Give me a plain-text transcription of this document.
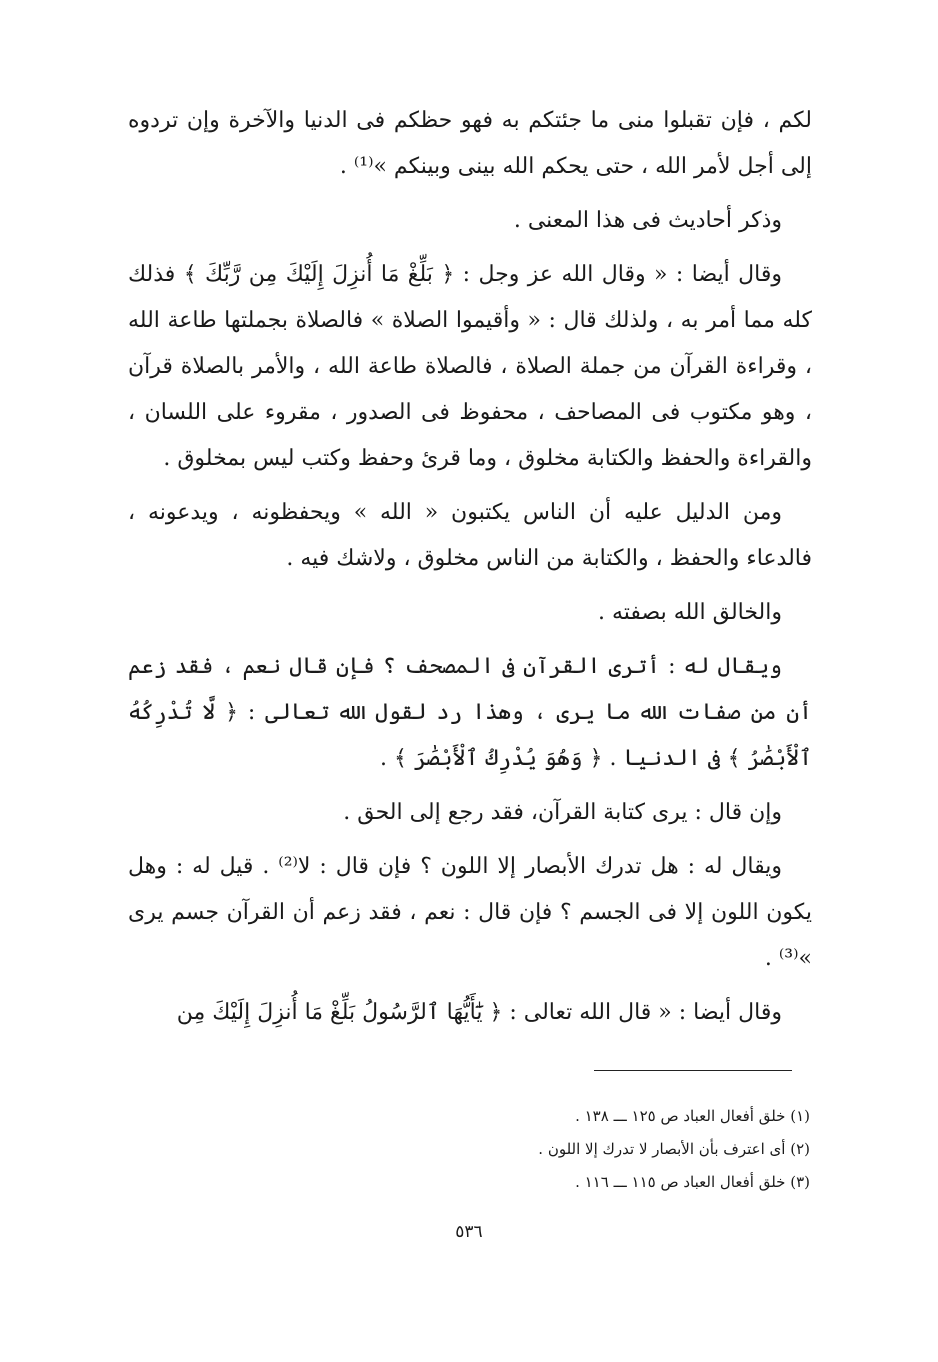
لكم ، فإن تقبلوا منى ما جئتكم به فهو حظكم فى الدنيا والآخرة وإن تردوه إلى أجل لأمر الله ، حتى يحكم الله بينى وبينكم »⁽¹⁾ .

وذكر أحاديث فى هذا المعنى .

وقال أيضا : « وقال الله عز وجل : ﴿ بَلِّغْ مَا أُنزِلَ إِلَيْكَ مِن رَّبِّكَ ﴾ فذلك كله مما أمر به ، ولذلك قال : « وأقيموا الصلاة » فالصلاة بجملتها طاعة الله ، وقراءة القرآن من جملة الصلاة ، فالصلاة طاعة الله ، والأمر بالصلاة قرآن ، وهو مكتوب فى المصاحف ، محفوظ فى الصدور ، مقروء على اللسان ، والقراءة والحفظ والكتابة مخلوق ، وما قرئ وحفظ وكتب ليس بمخلوق .

ومن الدليل عليه أن الناس يكتبون « الله » ويحفظونه ، ويدعونه ، فالدعاء والحفظ ، والكتابة من الناس مخلوق ، ولاشك فيه .

والخالق الله بصفته .

ويقال له : أترى القرآن فى المصحف ؟ فإن قال نعم ، فقد زعم أن من صفات الله ما يرى ، وهذا رد لقول الله تعالى : ﴿ لَّا تُدْرِكُهُ ٱلْأَبْصَٰرُ ﴾ فى الدنيا . ﴿ وَهُوَ يُدْرِكُ ٱلْأَبْصَٰرَ ﴾ .

وإن قال : يرى كتابة القرآن، فقد رجع إلى الحق .

ويقال له : هل تدرك الأبصار إلا اللون ؟ فإن قال : لا⁽²⁾ . قيل له : وهل يكون اللون إلا فى الجسم ؟ فإن قال : نعم ، فقد زعم أن القرآن جسم يرى »⁽³⁾ .

وقال أيضا : « قال الله تعالى : ﴿ يَٰٓأَيُّهَا ٱلرَّسُولُ بَلِّغْ مَا أُنزِلَ إِلَيْكَ مِن

(١) خلق أفعال العباد ص ١٢٥ ـــ ١٣٨ .

(٢) أى اعترف بأن الأبصار لا تدرك إلا اللون .

(٣) خلق أفعال العباد ص ١١٥ ـــ ١١٦ .

٥٣٦
